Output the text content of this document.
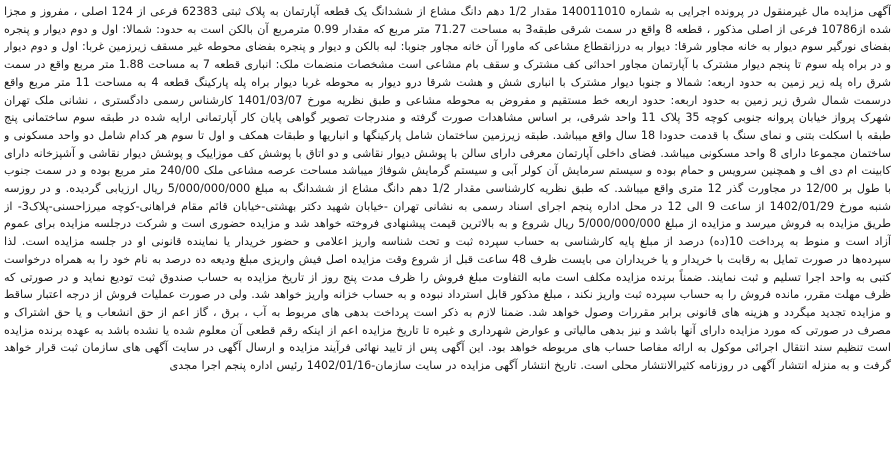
آگهی مزایده مال غیرمنقول در پرونده اجرایی به شماره 140011010 مقدار 1/2 دهم دانگ مشاع از ششدانگ یک قطعه آپارتمان به پلاک ثبتی 62383 فرعی از 124 اصلی ، مفروز و مجزا شده از10786 فرعی از اصلی مذکور ، قطعه 8 واقع در سمت شرقی طبقه3 به مساحت 71.27 متر مربع که مقدار 0.99 مترمربع آن بالکن است به حدود: شمالا: اول و دوم دیوار و پنجره بفضای نورگیر سوم دیوار به خانه مجاور شرقا: دیوار به درزانقطاع مشاعی که ماورا آن خانه مجاور جنوبا: لبه بالکن و دیوار و پنجره بفضای محوطه غیر مسقف زیرزمین غربا: اول و دوم دیوار و در براه پله سوم تا پنجم دیوار مشترک با آپارتمان مجاور احداثی کف مشترک و سقف بام مشاعی است مشخصات منضمات ملک: انباری قطعه 7 به مساحت 1.88 متر مربع واقع در سمت شرق راه پله زیر زمین به حدود اربعه: شمالا و جنوبا دیوار مشترک با انباری شش و هشت شرقا درو دیوار به محوطه غربا دیوار براه پله پارکینگ قطعه 4 به مساحت 11 متر مربع واقع درسمت شمال شرق زیر زمین به حدود اربعه: حدود اربعه خط مستقیم و مفروض به محوطه مشاعی و طبق نظریه مورخ 1401/03/07 کارشناس رسمی دادگستری ، نشانی ملک تهران شهرک پرواز خیابان پروانه جنوبی کوچه 35 پلاک 11 واحد شرقی، بر اساس مشاهدات صورت گرفته و مندرجات تصویر گواهی پایان کار آپارتمانی ارایه شده در طبقه سوم ساختمانی پنج طبقه با اسکلت بتنی و نمای سنگ با قدمت حدودا 18 سال واقع میباشد. طبقه زیرزمین ساختمان شامل پارکینگها و انباریها و طبقات همکف و اول تا سوم هر کدام شامل دو واحد مسکونی و ساختمان مجموعا دارای 8 واحد مسکونی میباشد. فضای داخلی آپارتمان معرفی دارای سالن با پوشش دیوار نقاشی و دو اتاق با پوشش کف موزاییک و پوشش دیوار نقاشی و آشپزخانه دارای کابینت ام دی اف و همچنین سرویس و حمام بوده و سیستم سرمایش آن کولر آبی و سیستم گرمایش شوفاژ میباشد مساحت عرصه مشاعی ملک 240/00 متر مربع بوده و در سمت جنوب با طول بر 12/00 در مجاورت گذر 12 متری واقع میباشد. که طبق نظریه کارشناسی مقدار 1/2 دهم دانگ مشاع از ششدانگ به مبلغ 5/000/000/000 ریال ارزیابی گردیده. و در روزسه شنبه مورخ 1402/01/29 از ساعت 9 الی 12 در محل اداره پنجم اجرای اسناد رسمی به نشانی تهران -خیابان شهید دکتر بهشتی-خیابان قائم مقام فراهانی-کوچه میرزاحسنی-پلاک3- از طریق مزایده به فروش میرسد و مزایده از مبلغ 5/000/000/000 ریال شروع و به بالاترین قیمت پیشنهادی فروخته خواهد شد و مزایده حضوری است و شرکت درجلسه مزایده برای عموم آزاد است و منوط به پرداخت 10(ده) درصد از مبلغ پایه کارشناسی به حساب سپرده ثبت و تحت شناسه واریز اعلامی و حضور خریدار یا نماینده قانونی او در جلسه مزایده است. لذا سپرده‌ها در صورت تمایل به رقابت با خریدار و یا خریداران می بایست ظرف 48 ساعت قبل از شروع وقت مزایده اصل فیش واریزی مبلغ ودیعه ده درصد به نام خود را به همراه درخواست کتبی به واحد اجرا تسلیم و ثبت نمایند. ضمناً برنده مزایده مکلف است مابه التفاوت مبلغ فروش را ظرف مدت پنج روز از تاریخ مزایده به حساب صندوق ثبت تودیع نماید و در صورتی که ظرف مهلت مقرر، مانده فروش را به حساب سپرده ثبت واریز نکند ، مبلغ مذکور قابل استرداد نبوده و به حساب خزانه واریز خواهد شد. ولی در صورت عملیات فروش از درجه اعتبار ساقط و مزایده تجدید میگردد و هزینه های قانونی برابر مقررات وصول خواهد شد. ضمنا لازم به ذکر است پرداخت بدهی های مربوط به آب ، برق ، گاز اعم از حق انشعاب و یا حق اشتراک و مصرف در صورتی که مورد مزایده دارای آنها باشد و نیز بدهی مالیاتی و عوارض شهرداری و غیره تا تاریخ مزایده اعم از اینکه رقم قطعی آن معلوم شده یا نشده باشد به عهده برنده مزایده است تنظیم سند انتقال اجرائی موکول به ارائه مفاصا حساب های مربوطه خواهد بود. این آگهی پس از تایید نهائی فرآیند مزایده و ارسال آگهی در سایت آگهی های سازمان ثبت قرار خواهد گرفت و به منزله انتشار آگهی در روزنامه کثیرالانتشار محلی است. تاریخ انتشار آگهی مزایده در سایت سازمان-1402/01/16 رئیس اداره پنجم اجرا مجدی
